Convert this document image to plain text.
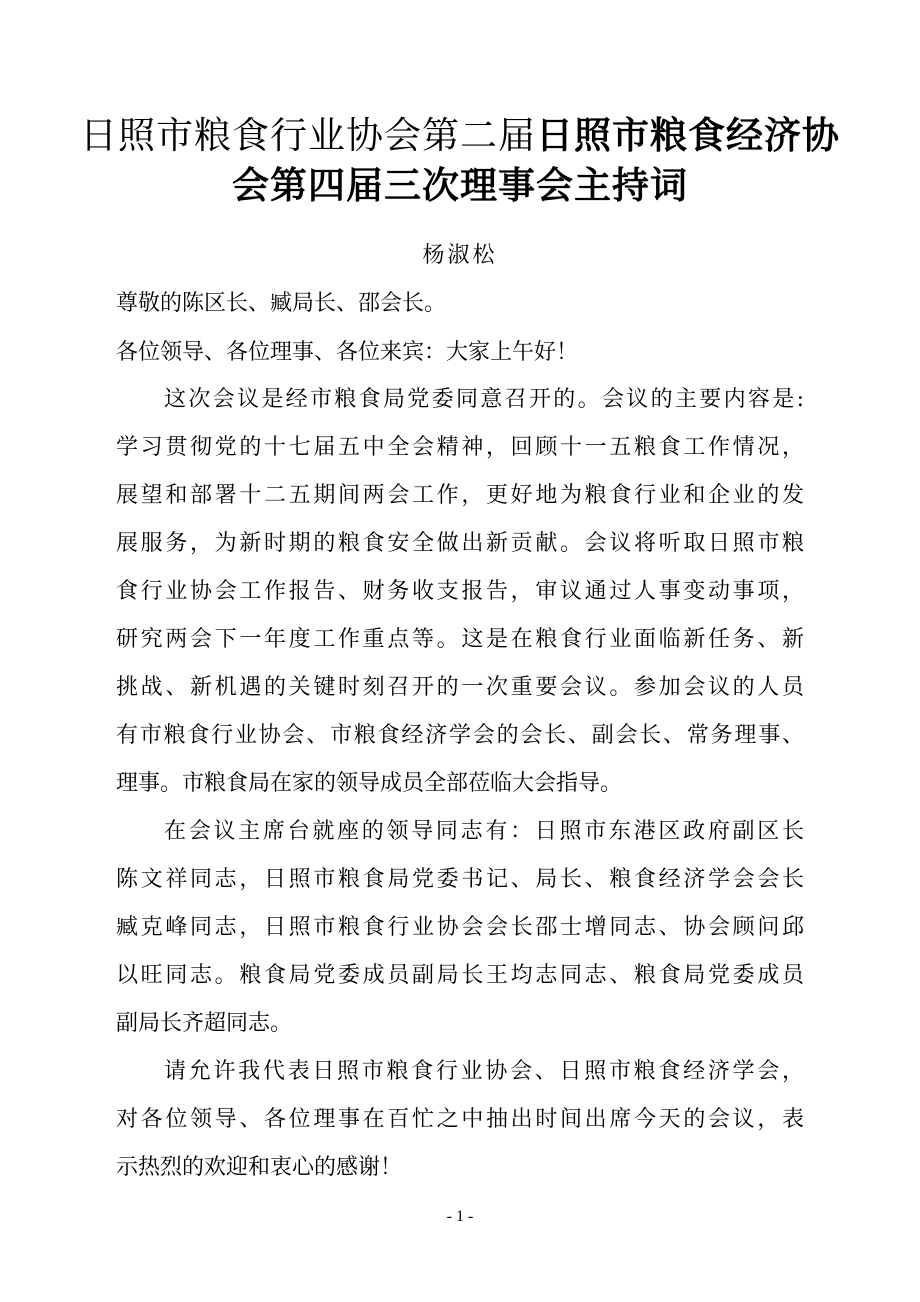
日照市粮食行业协会第二届日照市粮食经济协
会第四届三次理事会主持词
杨淑松
尊敬的陈区长、臧局长、邵会长。
各位领导、各位理事、各位来宾：大家上午好！
这次会议是经市粮食局党委同意召开的。会议的主要内容是:
学习贯彻党的十七届五中全会精神，回顾十一五粮食工作情况，
展望和部署十二五期间两会工作，更好地为粮食行业和企业的发
展服务，为新时期的粮食安全做出新贡献。会议将听取日照市粮
食行业协会工作报告、财务收支报告，审议通过人事变动事项，
研究两会下一年度工作重点等。这是在粮食行业面临新任务、新
挑战、新机遇的关键时刻召开的一次重要会议。参加会议的人员
有市粮食行业协会、市粮食经济学会的会长、副会长、常务理事、
理事。市粮食局在家的领导成员全部莅临大会指导。
在会议主席台就座的领导同志有：日照市东港区政府副区长
陈文祥同志，日照市粮食局党委书记、局长、粮食经济学会会长
臧克峰同志，日照市粮食行业协会会长邵士增同志、协会顾问邱
以旺同志。粮食局党委成员副局长王均志同志、粮食局党委成员
副局长齐超同志。
请允许我代表日照市粮食行业协会、日照市粮食经济学会，
对各位领导、各位理事在百忙之中抽出时间出席今天的会议，表
示热烈的欢迎和衷心的感谢！
- 1 -
